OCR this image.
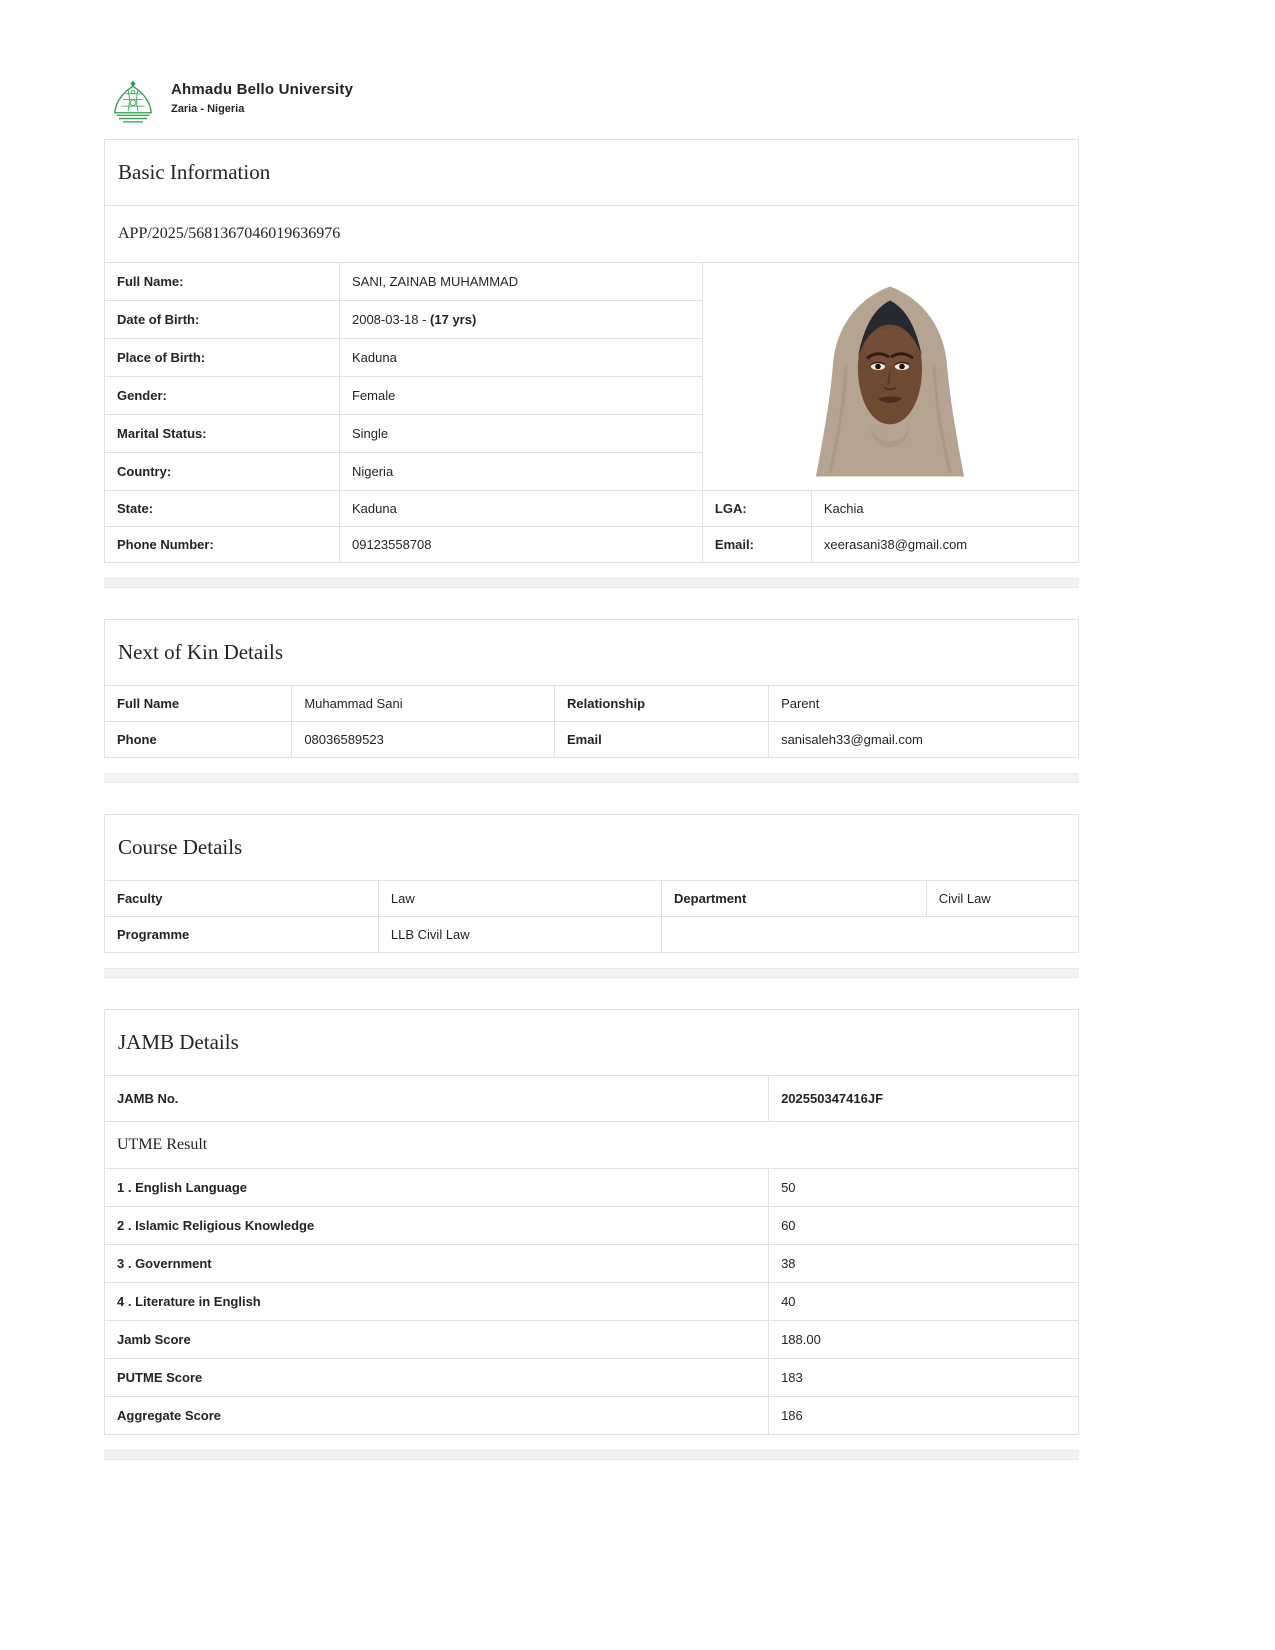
Ahmadu Bello University
Zaria - Nigeria
Basic Information
APP/2025/5681367046019636976
Full Name:	SANI, ZAINAB MUHAMMAD	
Date of Birth:	2008-03-18 - (17 yrs)	
Place of Birth:	Kaduna	
Gender:	Female	
Marital Status:	Single	
Country:	Nigeria	
State:	Kaduna	LGA:	Kachia
Phone Number:	09123558708	Email:	xeerasani38@gmail.com
Next of Kin Details
Full Name	Muhammad Sani	Relationship	Parent
Phone	08036589523	Email	sanisaleh33@gmail.com
Course Details
Faculty	Law	Department	Civil Law
Programme	LLB Civil Law		
JAMB Details
JAMB No.	202550347416JF
UTME Result	
1 . English Language	50
2 . Islamic Religious Knowledge	60
3 . Government	38
4 . Literature in English	40
Jamb Score	188.00
PUTME Score	183
Aggregate Score	186
